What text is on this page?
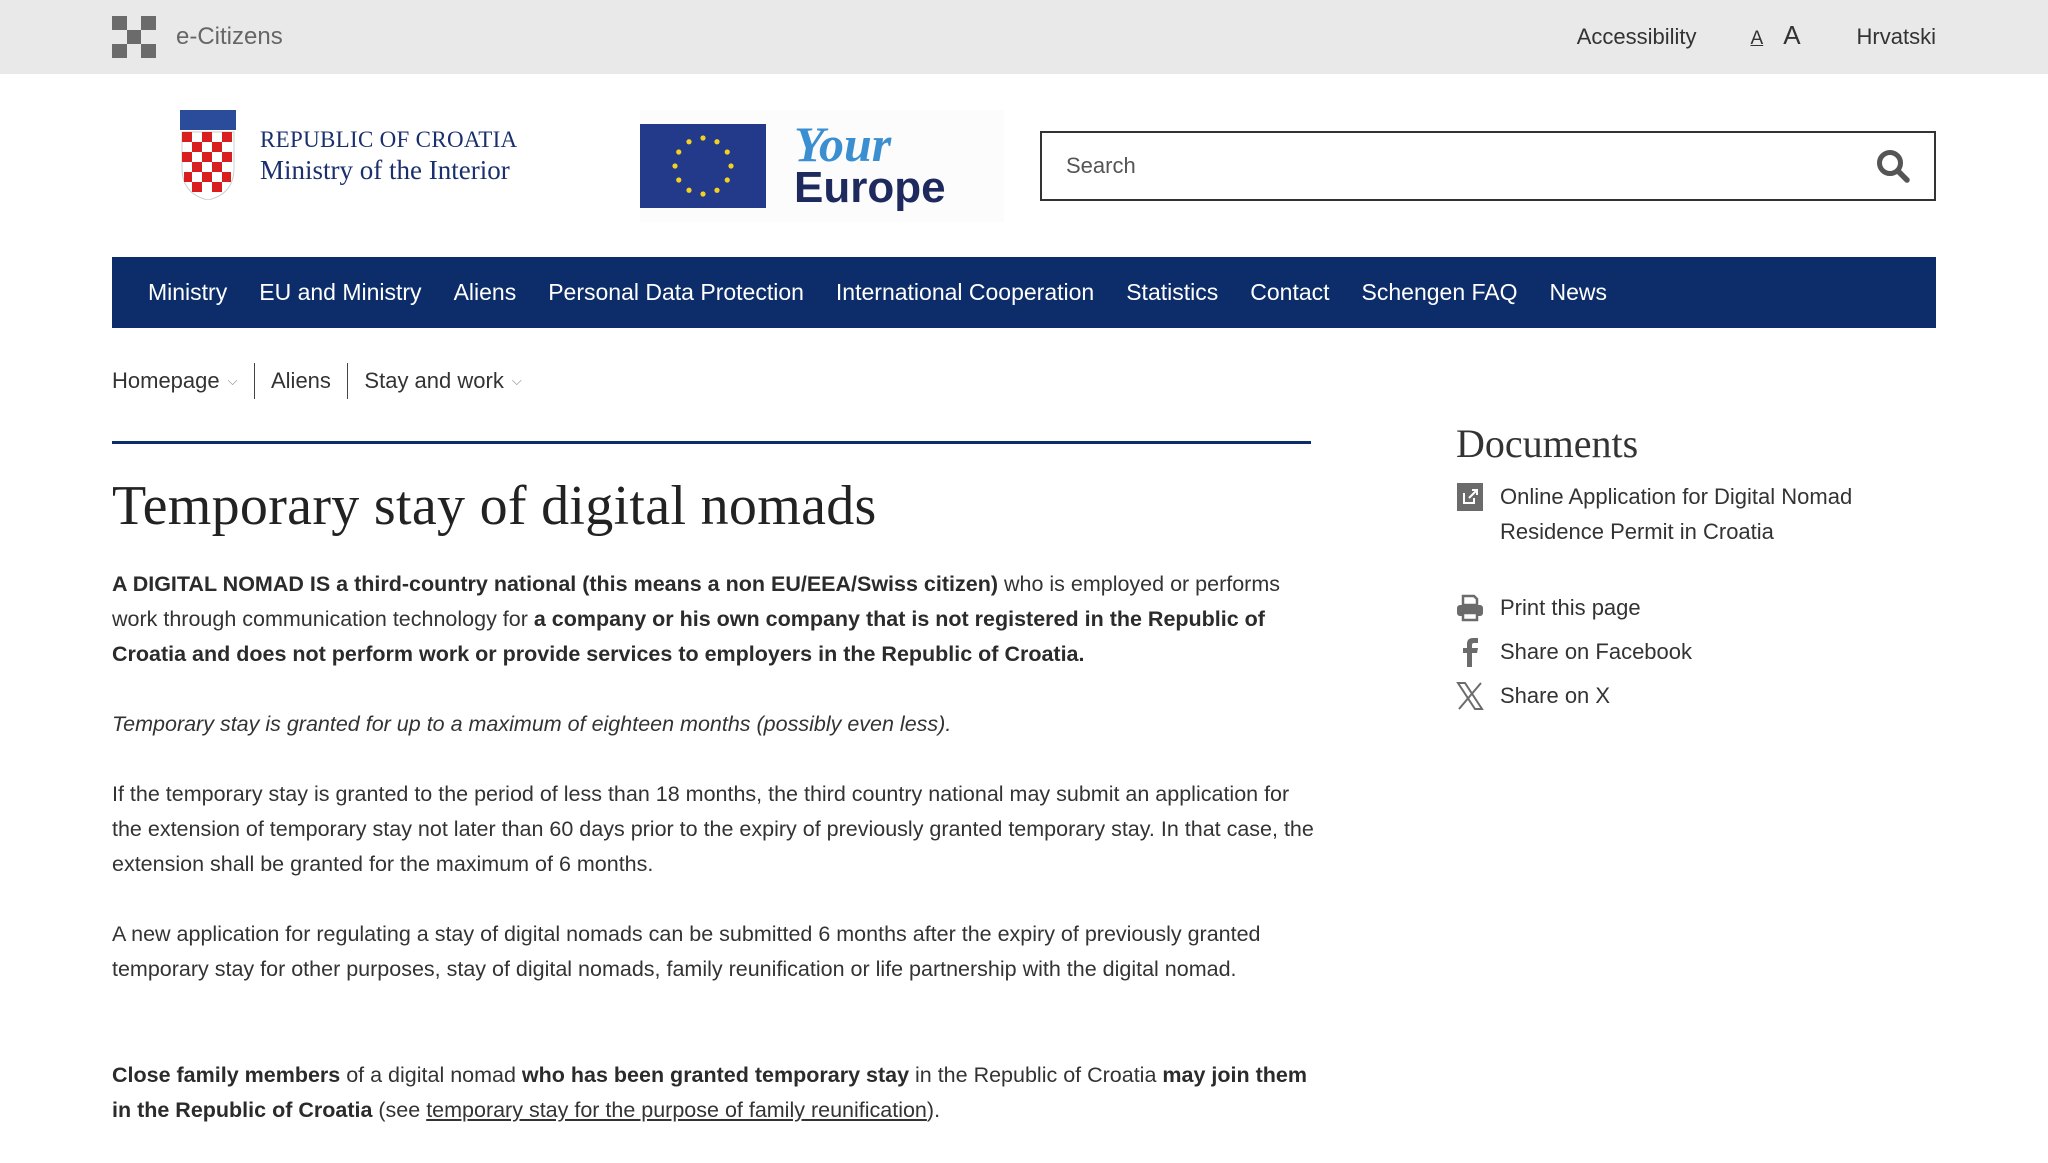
e-Citizens	Accessibility	A A	Hrvatski
REPUBLIC OF CROATIA
Ministry of the Interior	Your
Europe
Search
Ministry	EU and Ministry	Aliens	Personal Data Protection	International Cooperation	Statistics	Contact	Schengen FAQ	News
Homepage ⌵ Aliens Stay and work ⌵
Temporary stay of digital nomads

A DIGITAL NOMAD IS a third-country national (this means a non EU/EEA/Swiss citizen) who is employed or performs work through communication technology for a company or his own company that is not registered in the Republic of Croatia and does not perform work or provide services to employers in the Republic of Croatia.

Temporary stay is granted for up to a maximum of eighteen months (possibly even less).

If the temporary stay is granted to the period of less than 18 months, the third country national may submit an application for the extension of temporary stay not later than 60 days prior to the expiry of previously granted temporary stay. In that case, the extension shall be granted for the maximum of 6 months.

A new application for regulating a stay of digital nomads can be submitted 6 months after the expiry of previously granted temporary stay for other purposes, stay of digital nomads, family reunification or life partnership with the digital nomad.

Close family members of a digital nomad who has been granted temporary stay in the Republic of Croatia may join them in the Republic of Croatia (see temporary stay for the purpose of family reunification).

Documents
Online Application for Digital Nomad Residence Permit in Croatia
Print this page
Share on Facebook
Share on X
